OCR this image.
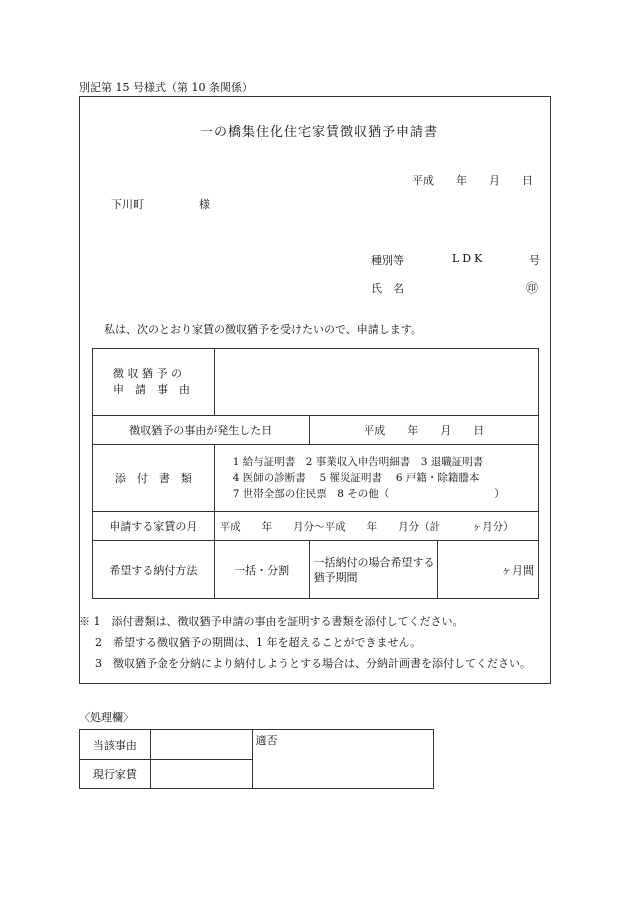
別記第 15 号様式（第 10 条関係）
一の橋集住化住宅家賃徴収猶予申請書
平成 年 月 日
下川町	様
種別等	LDK	号
氏　名	㊞
私は、次のとおり家賃の徴収猶予を受けたいので、申請します。
徴 収 猶 予 の
申　請　事　由			

徴収猶予の事由が発生した日		平成　　年　　月　　日	
添　付　書　類	1 給与証明書　2 事業収入申告明細書　3 退職証明書
4 医師の診断書　 5 罹災証明書　 6 戸籍・除籍謄本
7 世帯全部の住民票　8 その他（　　　　　　　　　　）		

申請する家賃の月	平成　　年　　月分～平成　　年　　月分（計　　　ヶ月分）		
希望する納付方法	一括・分割	一括納付の場合希望する
猶予期間	ヶ月間
※ 1　添付書類は、徴収猶予申請の事由を証明する書類を添付してください。
2　希望する徴収猶予の期間は、1 年を超えることができません。
3　徴収猶予金を分納により納付しようとする場合は、分納計画書を添付してください。
〈処理欄〉
当該事由		適否
現行家賃		
